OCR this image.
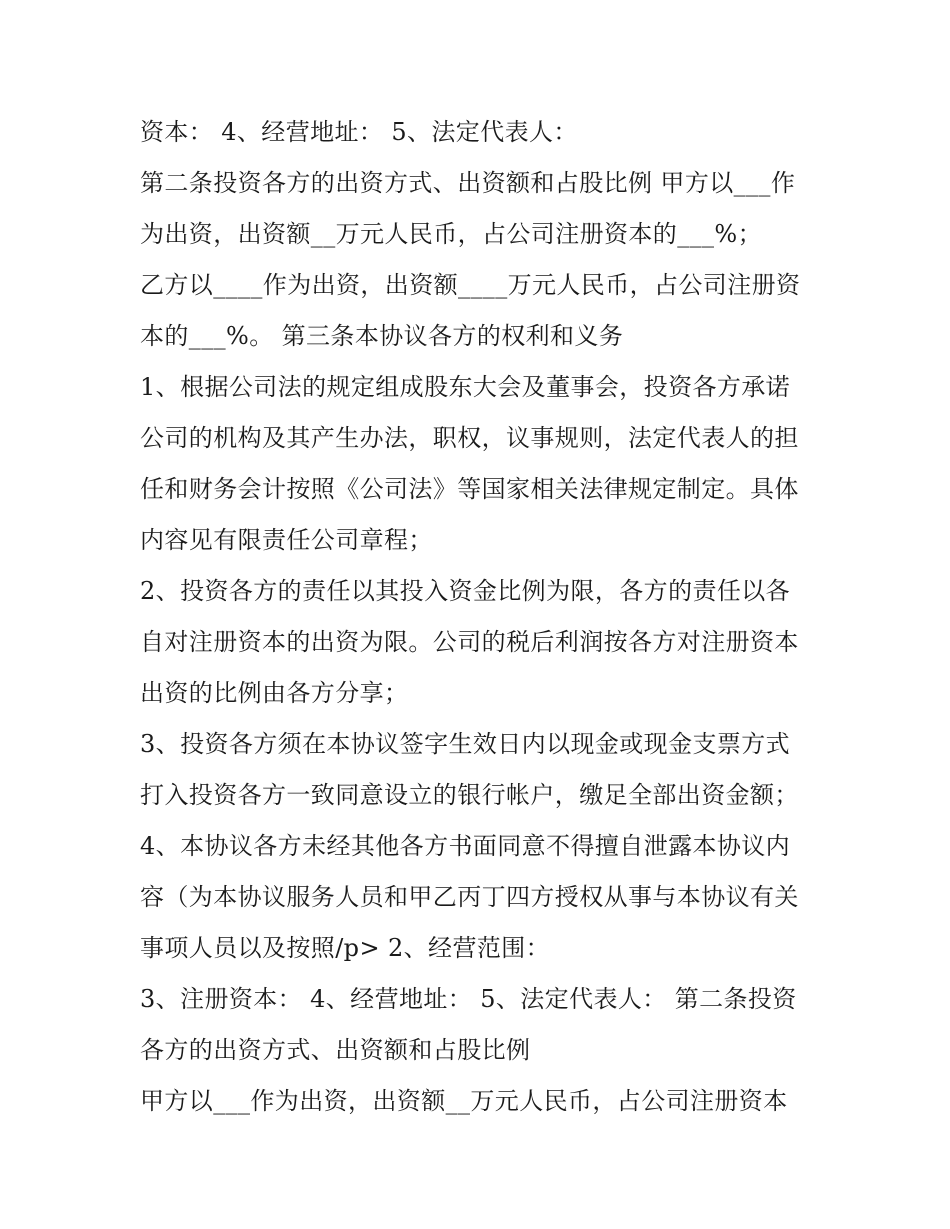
资本： 4、经营地址： 5、法定代表人：
第二条投资各方的出资方式、出资额和占股比例 甲方以___作
为出资，出资额__万元人民币，占公司注册资本的___%；
乙方以____作为出资，出资额____万元人民币，占公司注册资
本的___%。 第三条本协议各方的权利和义务
1、根据公司法的规定组成股东大会及董事会，投资各方承诺
公司的机构及其产生办法，职权，议事规则，法定代表人的担
任和财务会计按照《公司法》等国家相关法律规定制定。具体
内容见有限责任公司章程；
2、投资各方的责任以其投入资金比例为限，各方的责任以各
自对注册资本的出资为限。公司的税后利润按各方对注册资本
出资的比例由各方分享；
3、投资各方须在本协议签字生效日内以现金或现金支票方式
打入投资各方一致同意设立的银行帐户，缴足全部出资金额；
4、本协议各方未经其他各方书面同意不得擅自泄露本协议内
容（为本协议服务人员和甲乙丙丁四方授权从事与本协议有关
事项人员以及按照/p> 2、经营范围：
3、注册资本： 4、经营地址： 5、法定代表人： 第二条投资
各方的出资方式、出资额和占股比例
甲方以___作为出资，出资额__万元人民币，占公司注册资本
